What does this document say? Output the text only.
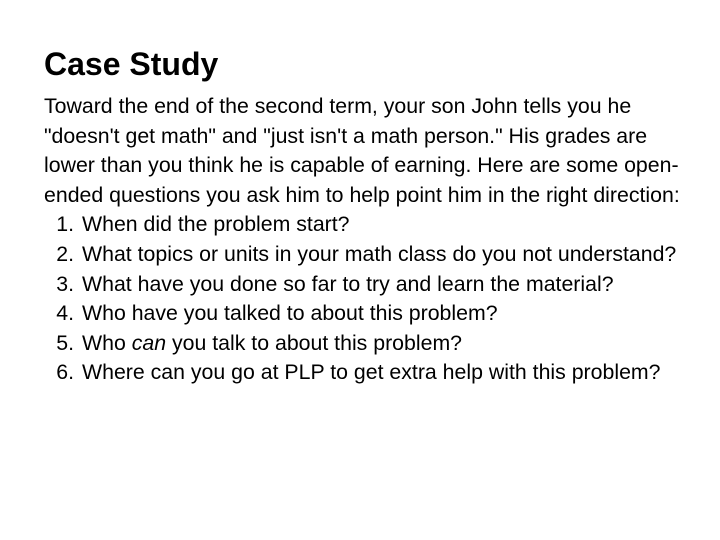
Case Study

Toward the end of the second term, your son John tells you he "doesn't get math" and "just isn't a math person." His grades are lower than you think he is capable of earning. Here are some open-ended questions you ask him to help point him in the right direction:

1. When did the problem start?
2. What topics or units in your math class do you not understand?
3. What have you done so far to try and learn the material?
4. Who have you talked to about this problem?
5. Who can you talk to about this problem?
6. Where can you go at PLP to get extra help with this problem?
